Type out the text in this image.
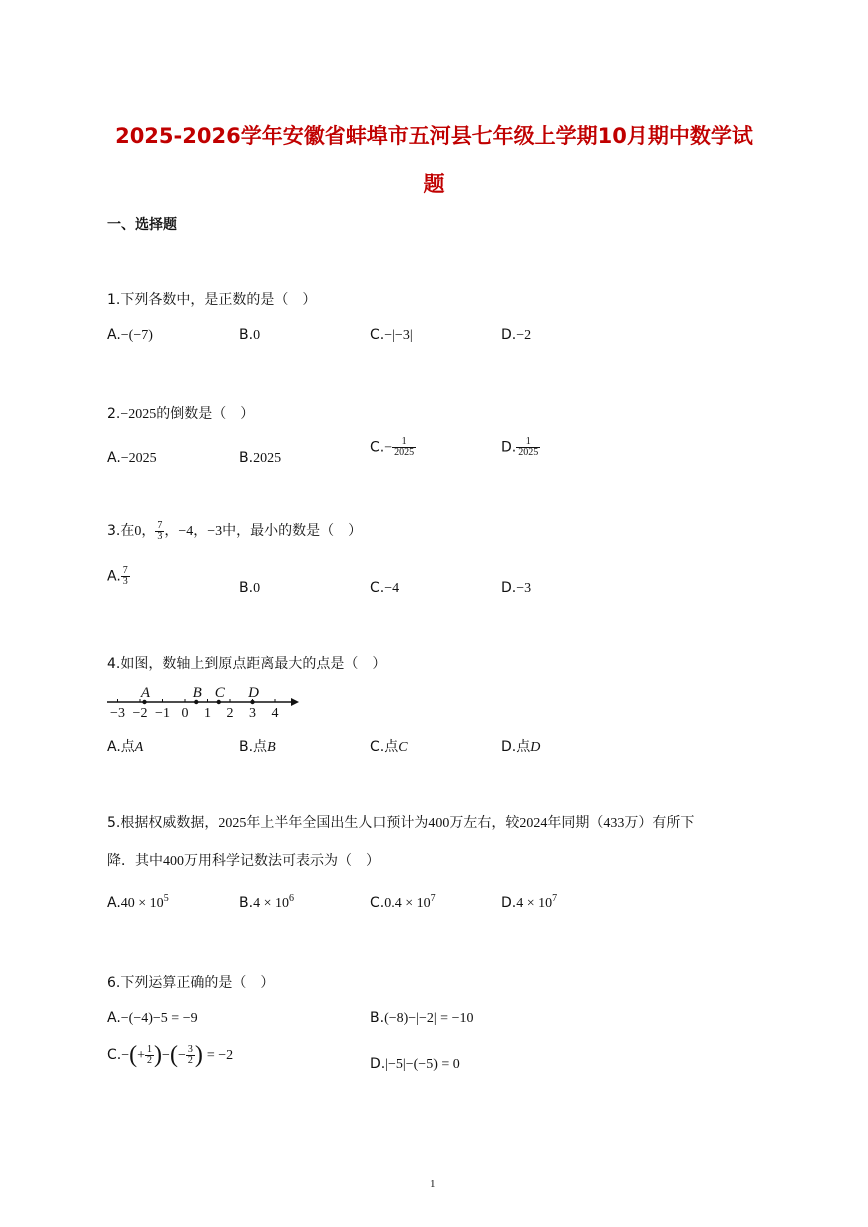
2025-2026学年安徽省蚌埠市五河县七年级上学期10月期中数学试
题
一、选择题
1.下列各数中，是正数的是（　）
A.−(−7)	B.0	C.−|−3|	D.−2
2.−2025的倒数是（　）
A.−2025	B.2025
$C.- \frac{1}{2025}$	D. $\frac{1}{2025}$
3.在0， $\frac{7}{3}$ ，−4，−3中，最小的数是（　）
A. $\frac{7}{3}$
B.0	C.−4	D.−3
4.如图，数轴上到原点距离最大的点是（　）
−3 −2 −1 0 1 2 3 4
A	B C D
A.点A	B.点B	C.点C	D.点D
5.根据权威数据，2025年上半年全国出生人口预计为400万左右，较2024年同期（433万）有所下
降．其中400万用科学记数法可表示为（　）
$A.40 \times 10^5$	$B.4 \times 10^6$	$C.0.4 \times 10^7$	$D.4 \times 10^7$
6.下列运算正确的是（　）
A.−(−4)−5 = −9	B.(−8)−|−2| = −10
$C.-(+ \frac{1}{2}$ )−(− $\frac{3}{2}$ ) = −2
D.|−5|−(−5) = 0
1
